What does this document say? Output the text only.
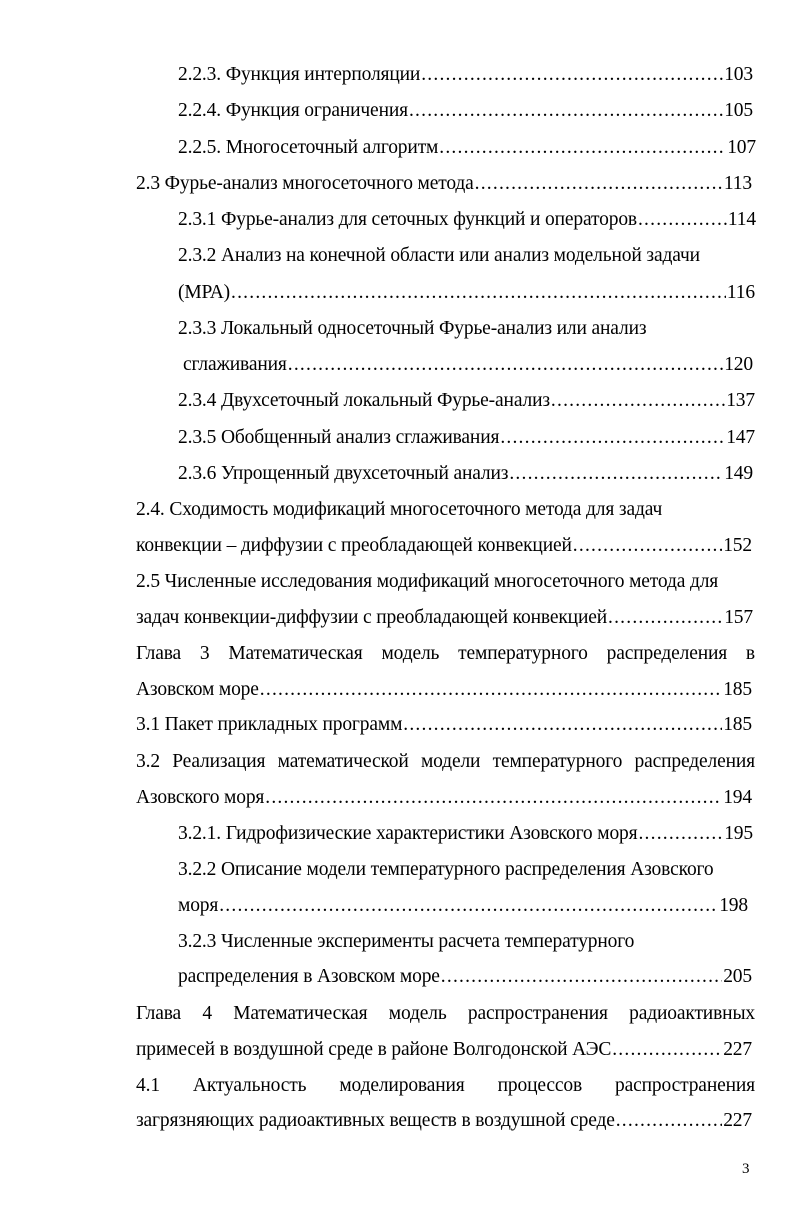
2.2.3. Функция интерполяции .....	103
2.2.4. Функция ограничения .....	105
2.2.5. Многосеточный алгоритм .....	107
2.3 Фурье-анализ многосеточного метода .....	113
2.3.1 Фурье-анализ для сеточных функций и операторов .....	114
2.3.2 Анализ на конечной области или анализ модельной задачи
(МРА) .....	116
2.3.3 Локальный односеточный Фурье-анализ или анализ
сглаживания .....	120
2.3.4 Двухсеточный локальный Фурье-анализ .....	137
2.3.5 Обобщенный анализ сглаживания .....	147
2.3.6 Упрощенный двухсеточный анализ .....	149
2.4. Сходимость модификаций многосеточного метода для задач
конвекции – диффузии с преобладающей конвекцией .....	152
2.5 Численные исследования модификаций многосеточного метода для
задач конвекции-диффузии с преобладающей конвекцией .....	157
Глава 3 Математическая модель температурного распределения в
Азовском море .....	185
3.1 Пакет прикладных программ .....	185
3.2 Реализация математической модели температурного распределения
Азовского моря .....	194
3.2.1. Гидрофизические характеристики Азовского моря .....	195
3.2.2 Описание модели температурного распределения Азовского
моря .....	198
3.2.3 Численные эксперименты расчета температурного
распределения в Азовском море .....	205
Глава 4 Математическая модель распространения радиоактивных
примесей в воздушной среде в районе Волгодонской АЭС .....	227
4.1 Актуальность моделирования процессов распространения
загрязняющих радиоактивных веществ в воздушной среде .....	227
3
